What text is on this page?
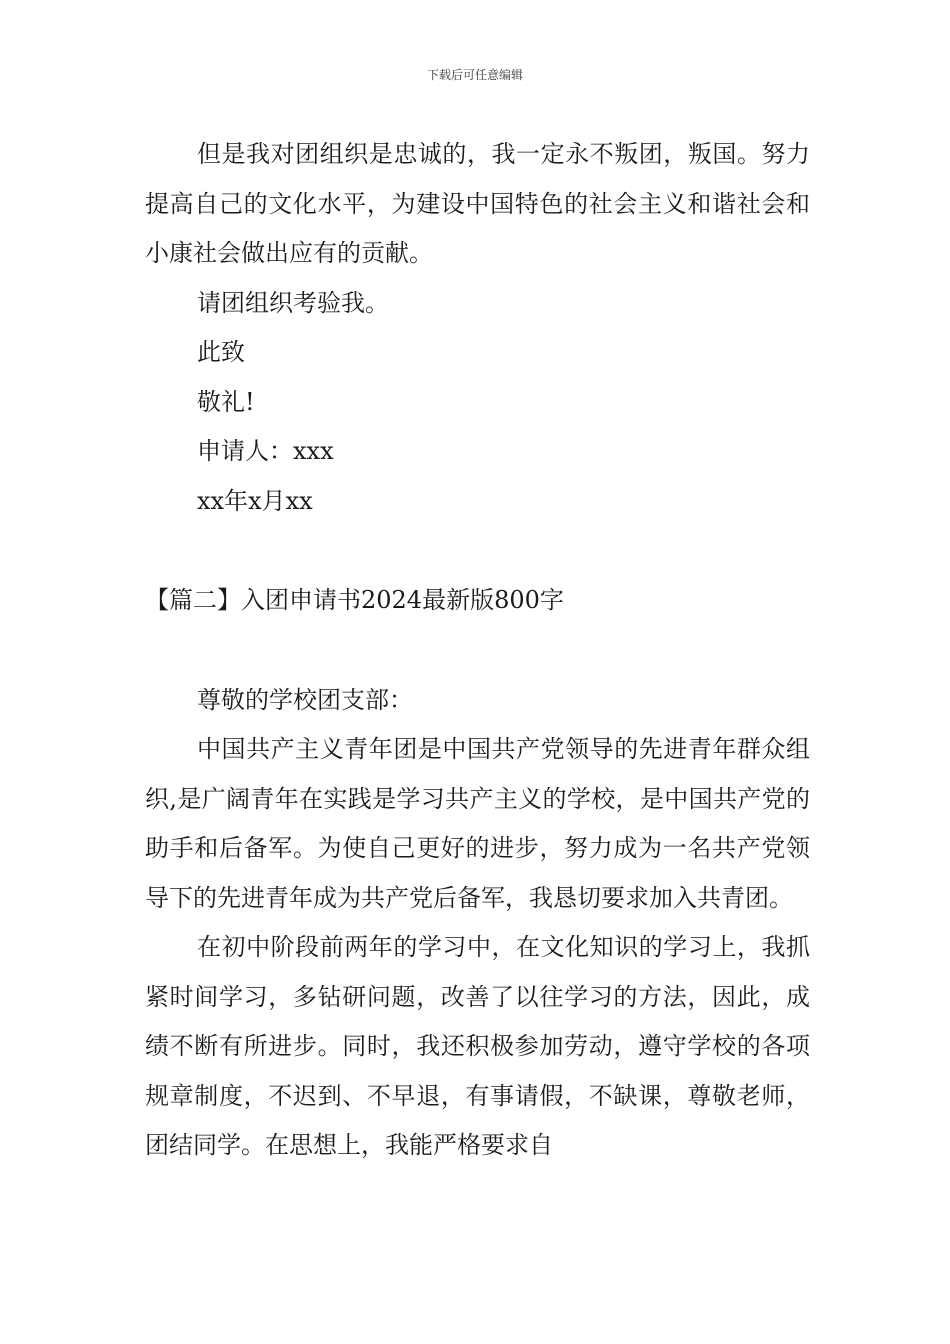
下载后可任意编辑

但是我对团组织是忠诚的，我一定永不叛团，叛国。努力提高自己的文化水平，为建设中国特色的社会主义和谐社会和小康社会做出应有的贡献。

请团组织考验我。

此致

敬礼!

申请人：xxx

xx年x月xx

【篇二】入团申请书2024最新版800字

尊敬的学校团支部：

中国共产主义青年团是中国共产党领导的先进青年群众组织,是广阔青年在实践是学习共产主义的学校，是中国共产党的助手和后备军。为使自己更好的进步，努力成为一名共产党领导下的先进青年成为共产党后备军，我恳切要求加入共青团。

在初中阶段前两年的学习中，在文化知识的学习上，我抓紧时间学习，多钻研问题，改善了以往学习的方法，因此，成绩不断有所进步。同时，我还积极参加劳动，遵守学校的各项规章制度，不迟到、不早退，有事请假，不缺课，尊敬老师，团结同学。在思想上，我能严格要求自
